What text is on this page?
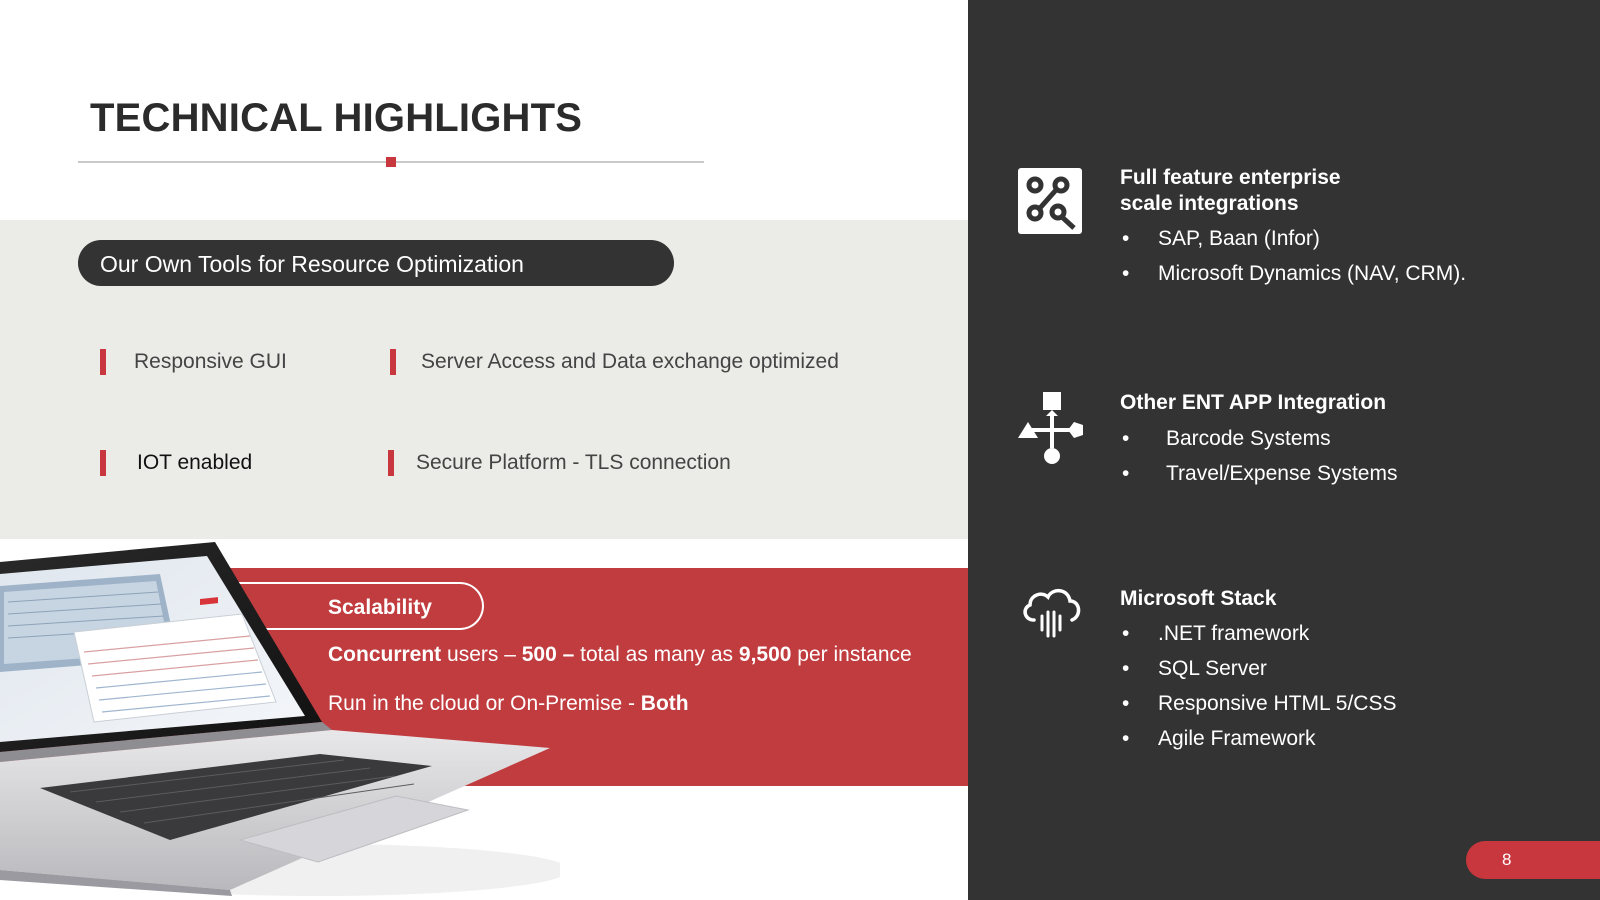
TECHNICAL HIGHLIGHTS
Our Own Tools for Resource Optimization
Responsive GUI	Server Access and Data exchange optimized
IOT enabled	Secure Platform - TLS connection
Scalability
Concurrent users – 500 – total as many as 9,500 per instance
Run in the cloud or On-Premise - Both
Full feature enterprise
scale integrations
• SAP, Baan (Infor)
• Microsoft Dynamics (NAV, CRM).
Other ENT APP Integration
• Barcode Systems
• Travel/Expense Systems
Microsoft Stack
• .NET framework
• SQL Server
• Responsive HTML 5/CSS
• Agile Framework
8
